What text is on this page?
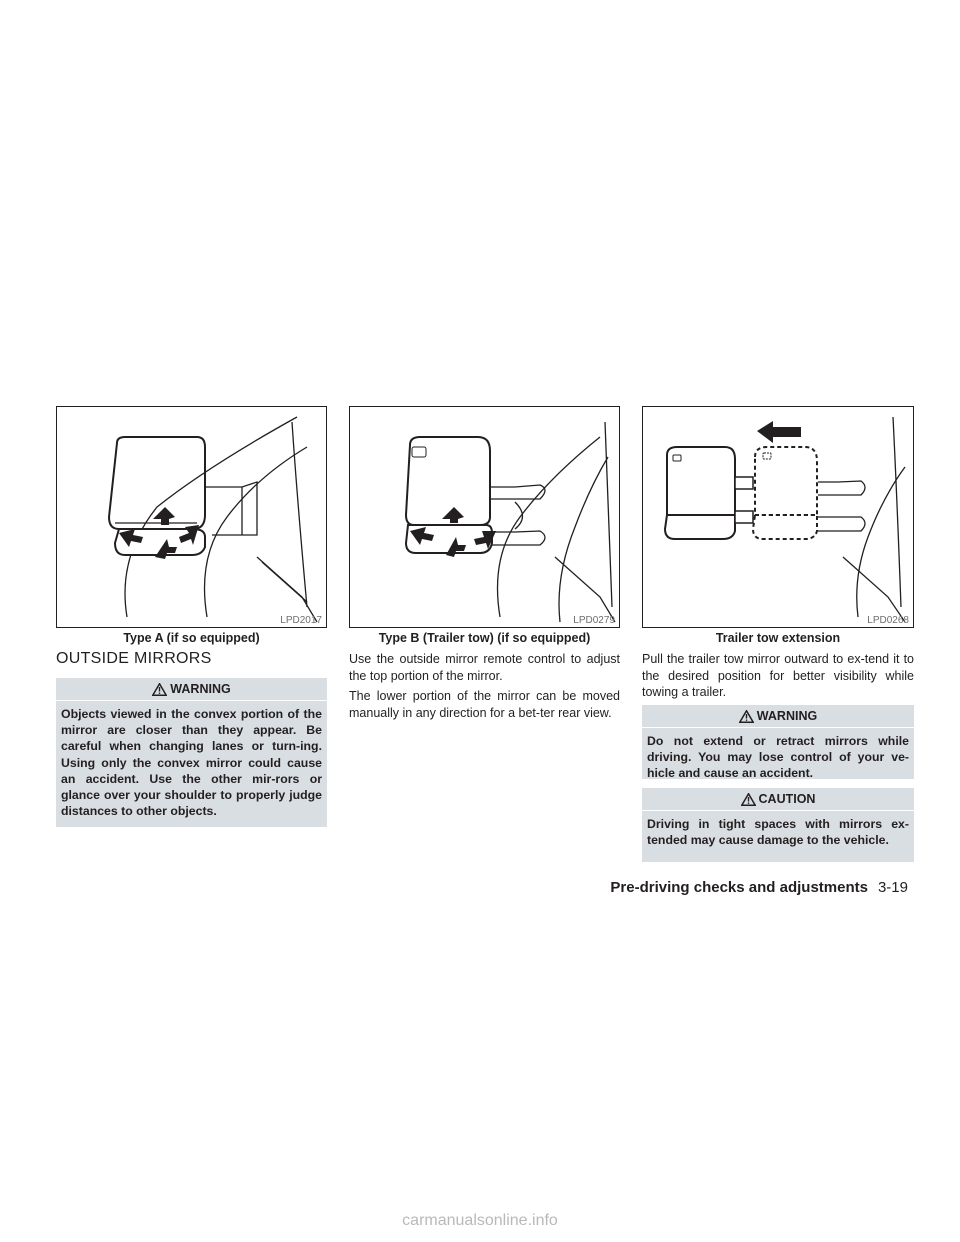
LPD2017
Type A (if so equipped)
LPD0279
Type B (Trailer tow) (if so equipped)
LPD0268
Trailer tow extension
OUTSIDE MIRRORS
WARNING
Objects viewed in the convex portion of the mirror are closer than they appear. Be careful when changing lanes or turn-ing. Using only the convex mirror could cause an accident. Use the other mir-rors or glance over your shoulder to properly judge distances to other objects.

Use the outside mirror remote control to adjust the top portion of the mirror.

The lower portion of the mirror can be moved manually in any direction for a bet-ter rear view.

Pull the trailer tow mirror outward to ex-tend it to the desired position for better visibility while towing a trailer.

WARNING
Do not extend or retract mirrors while driving. You may lose control of your ve-hicle and cause an accident.
CAUTION
Driving in tight spaces with mirrors ex-tended may cause damage to the vehicle.
Pre-driving checks and adjustments 3-19
carmanualsonline.info
